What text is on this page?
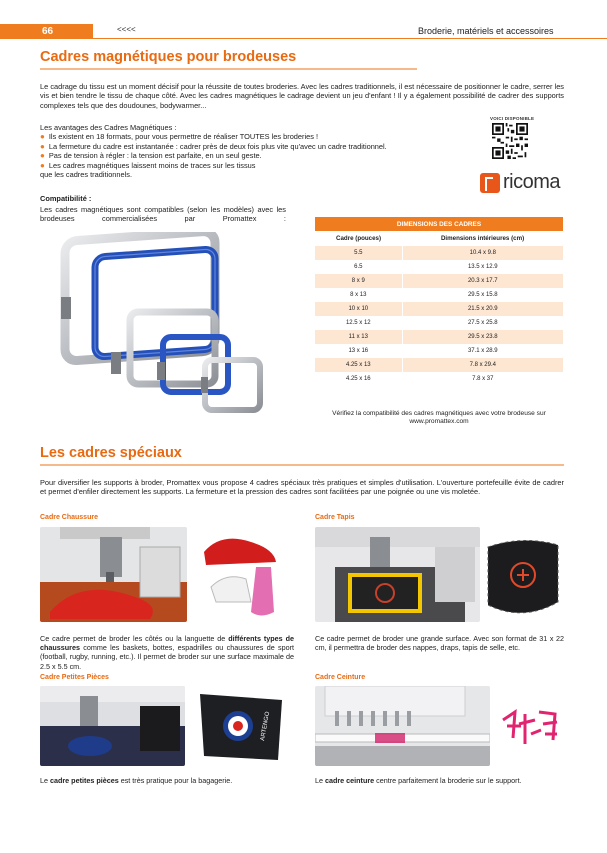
66	<<<<	Broderie, matériels et accessoires
Cadres magnétiques pour brodeuses
Le cadrage du tissu est un moment décisif pour la réussite de toutes broderies. Avec les cadres traditionnels, il est nécessaire de positionner le cadre, serrer les vis et bien tendre le tissu de chaque côté. Avec les cadres magnétiques le cadrage devient un jeu d'enfant ! Il y a également possibilité de cadrer des supports complexes tels que des doudounes, bodywarmer...
Les avantages des Cadres Magnétiques :
● Ils existent en 18 formats, pour vous permettre de réaliser TOUTES les broderies !
● La fermeture du cadre est instantanée : cadrer près de deux fois plus vite qu'avec un cadre traditionnel.
● Pas de tension à régler : la tension est parfaite, en un seul geste.
● Les cadres magnétiques laissent moins de traces sur les tissus
que les cadres traditionnels.
Compatibilité :
Les cadres magnétiques sont compatibles (selon les modèles) avec les brodeuses commercialisées par Promattex :
VOICI DISPONIBLE
ricoma
DIMENSIONS DES CADRES	
Cadre (pouces)	Dimensions intérieures (cm)
5.5	10.4 x 9.8
6.5	13.5 x 12.9
8 x 9	20.3 x 17.7
8 x 13	29.5 x 15.8
10 x 10	21.5 x 20.9
12.5 x 12	27.5 x 25.8
11 x 13	29.5 x 23.8
13 x 16	37.1 x 28.9
4.25 x 13	7.8 x 29.4
4.25 x 16	7.8 x 37
Vérifiez la compatibilité des cadres magnétiques avec votre brodeuse sur www.promattex.com
Les cadres spéciaux
Pour diversifier les supports à broder, Promattex vous propose 4 cadres spéciaux très pratiques et simples d'utilisation. L'ouverture portefeuille évite de cadrer et permet d'enfiler directement les supports. La fermeture et la pression des cadres sont facilitées par une poignée ou une vis moletée.
Cadre Chaussure
Ce cadre permet de broder les côtés ou la languette de différents types de chaussures comme les baskets, bottes, espadrilles ou chaussures de sport (football, rugby, running, etc.). Il permet de broder sur une surface maximale de 2.5 x 5.5 cm.
Cadre Tapis
Ce cadre permet de broder une grande surface. Avec son format de 31 x 22 cm, il permettra de broder des nappes, draps, tapis de selle, etc.
Cadre Petites Pièces
ARTENGO
Le cadre petites pièces est très pratique pour la bagagerie.
Cadre Ceinture
Le cadre ceinture centre parfaitement la broderie sur le support.
